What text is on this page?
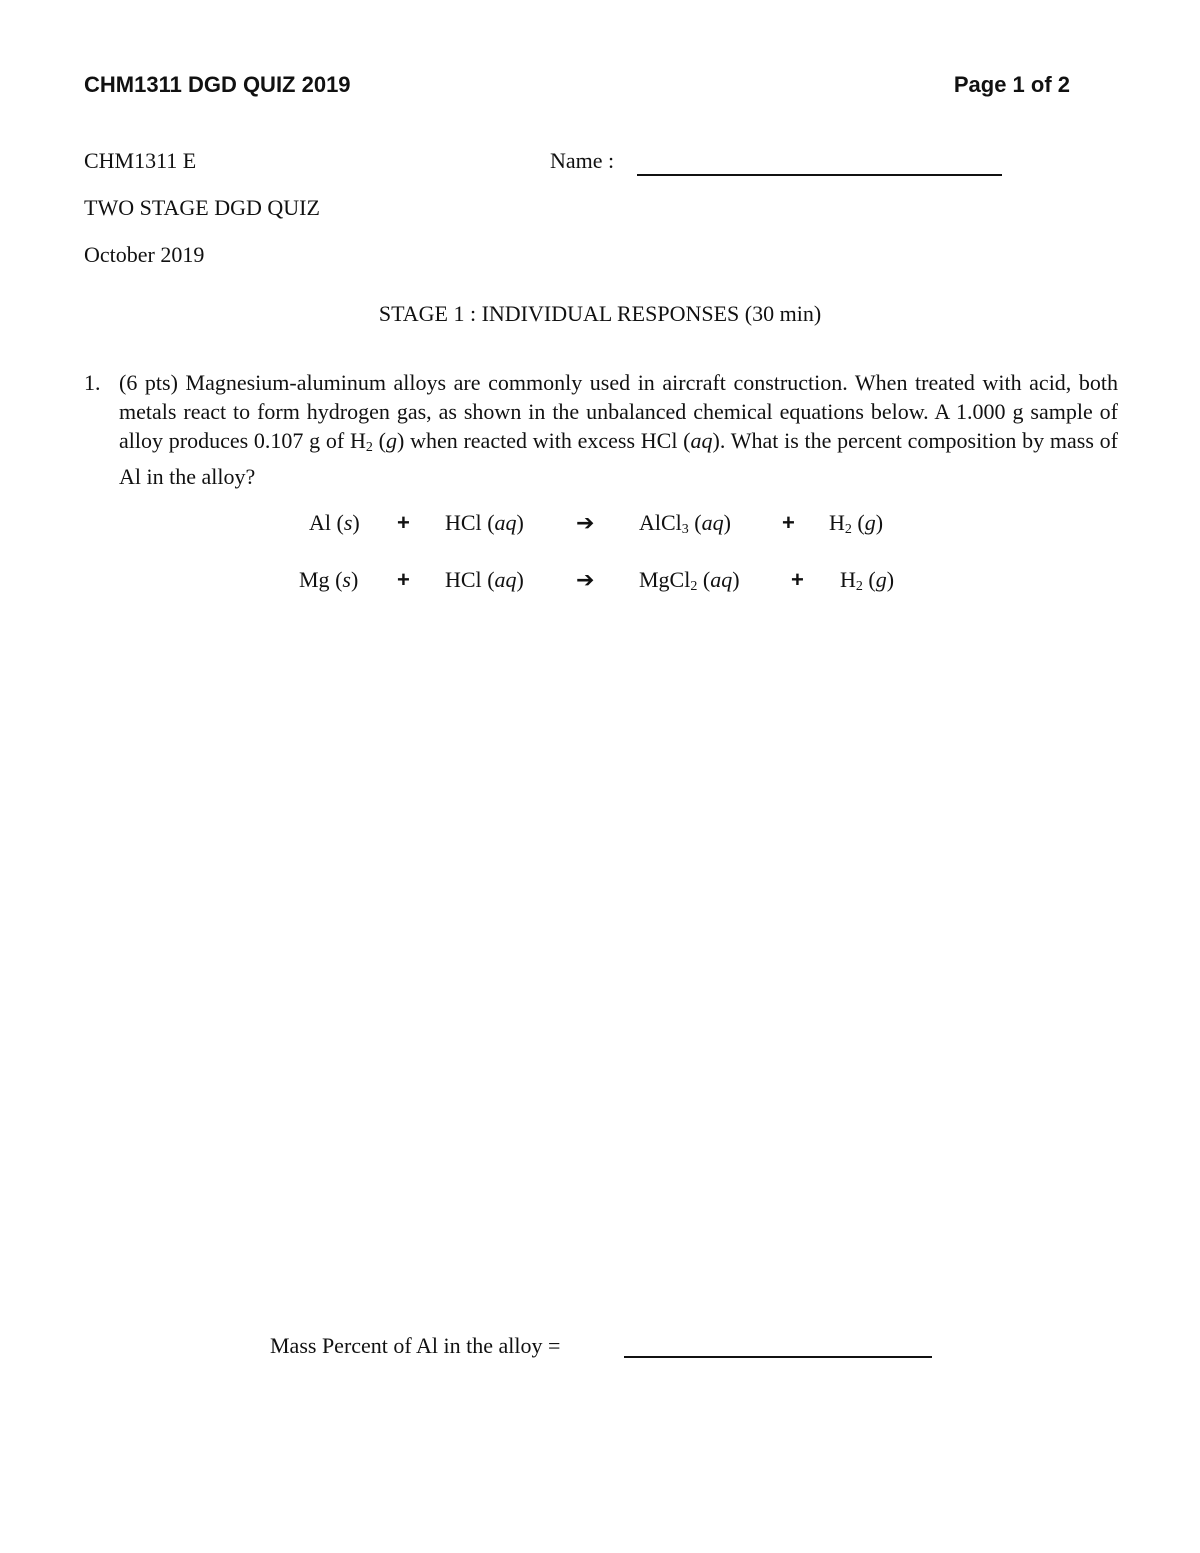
CHM1311 DGD QUIZ 2019	Page 1 of 2
CHM1311 E	Name :
TWO STAGE DGD QUIZ
October 2019
STAGE 1 : INDIVIDUAL RESPONSES (30 min)
1. (6 pts) Magnesium-aluminum alloys are commonly used in aircraft construction. When treated with acid, both metals react to form hydrogen gas, as shown in the unbalanced chemical equations below. A 1.000 g sample of alloy produces 0.107 g of $H_2$ (g) when reacted with excess HCl (aq). What is the percent composition by mass of Al in the alloy?
Al (s) + HCl (aq) ➔ AlCl$_3$ $(aq) + H_2$ (g)
Mg (s) + HCl (aq) ➔ MgCl$_2$ $(aq) + H_2$ (g)
Mass Percent of Al in the alloy =
